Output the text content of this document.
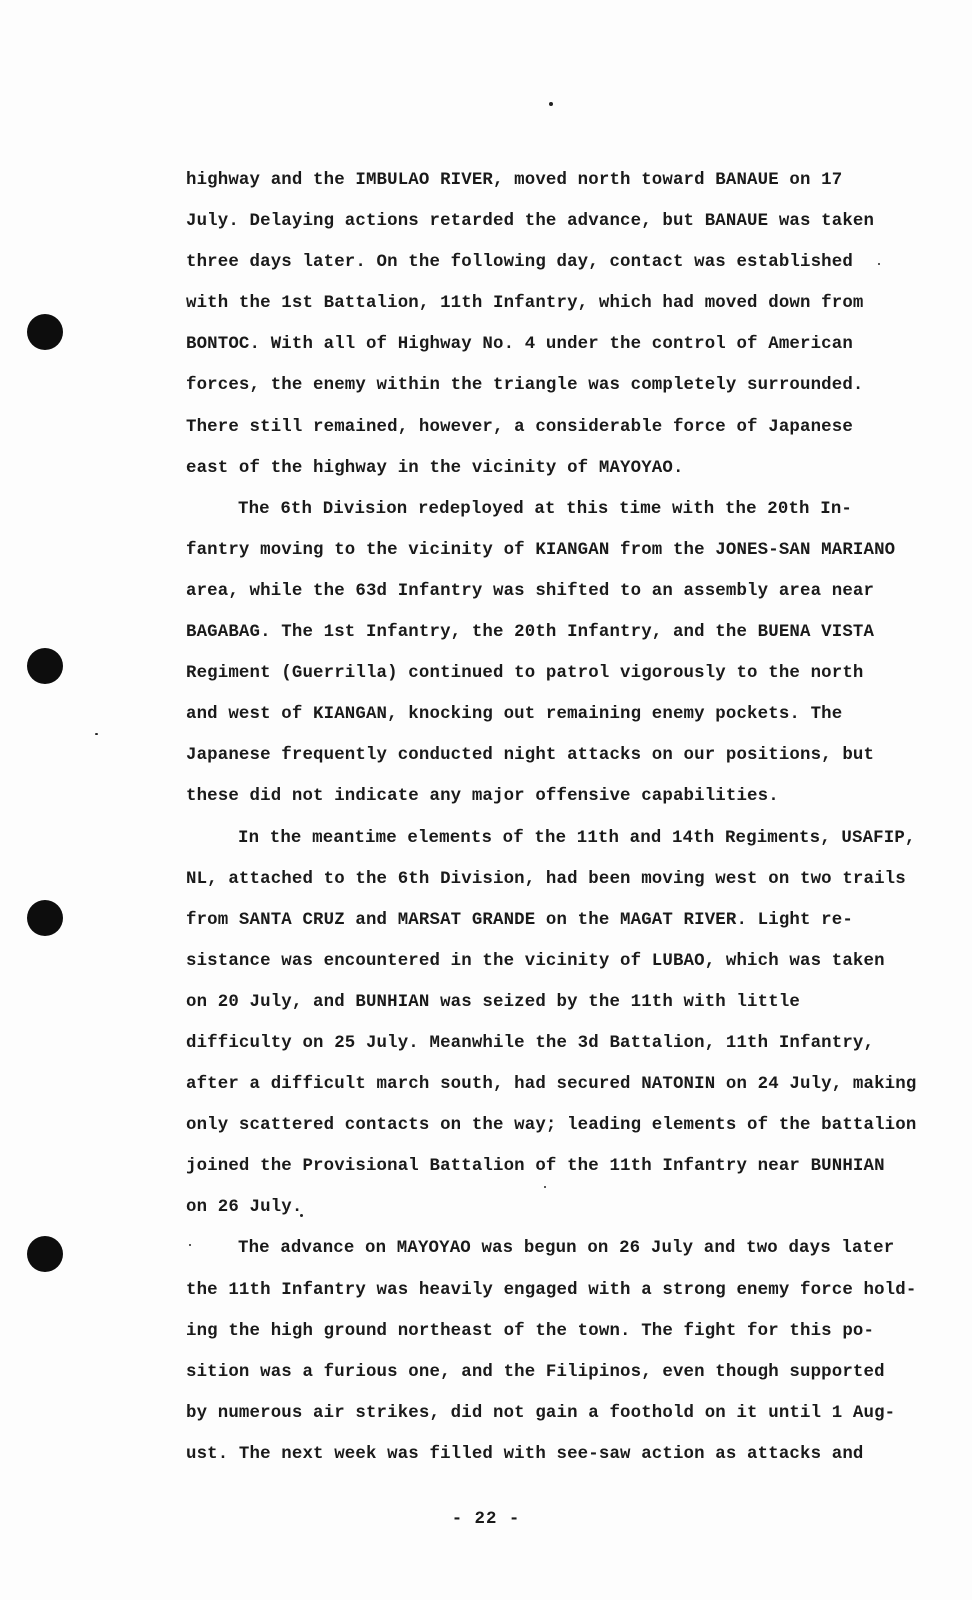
highway and the IMBULAO RIVER, moved north toward BANAUE on 17
July. Delaying actions retarded the advance, but BANAUE was taken
three days later. On the following day, contact was established
with the 1st Battalion, 11th Infantry, which had moved down from
BONTOC. With all of Highway No. 4 under the control of American
forces, the enemy within the triangle was completely surrounded.
There still remained, however, a considerable force of Japanese
east of the highway in the vicinity of MAYOYAO.
The 6th Division redeployed at this time with the 20th In-
fantry moving to the vicinity of KIANGAN from the JONES-SAN MARIANO
area, while the 63d Infantry was shifted to an assembly area near
BAGABAG. The 1st Infantry, the 20th Infantry, and the BUENA VISTA
Regiment (Guerrilla) continued to patrol vigorously to the north
and west of KIANGAN, knocking out remaining enemy pockets. The
Japanese frequently conducted night attacks on our positions, but
these did not indicate any major offensive capabilities.
In the meantime elements of the 11th and 14th Regiments, USAFIP,
NL, attached to the 6th Division, had been moving west on two trails
from SANTA CRUZ and MARSAT GRANDE on the MAGAT RIVER. Light re-
sistance was encountered in the vicinity of LUBAO, which was taken
on 20 July, and BUNHIAN was seized by the 11th with little
difficulty on 25 July. Meanwhile the 3d Battalion, 11th Infantry,
after a difficult march south, had secured NATONIN on 24 July, making
only scattered contacts on the way; leading elements of the battalion
joined the Provisional Battalion of the 11th Infantry near BUNHIAN
on 26 July.
The advance on MAYOYAO was begun on 26 July and two days later
the 11th Infantry was heavily engaged with a strong enemy force hold-
ing the high ground northeast of the town. The fight for this po-
sition was a furious one, and the Filipinos, even though supported
by numerous air strikes, did not gain a foothold on it until 1 Aug-
ust. The next week was filled with see-saw action as attacks and
- 22 -
